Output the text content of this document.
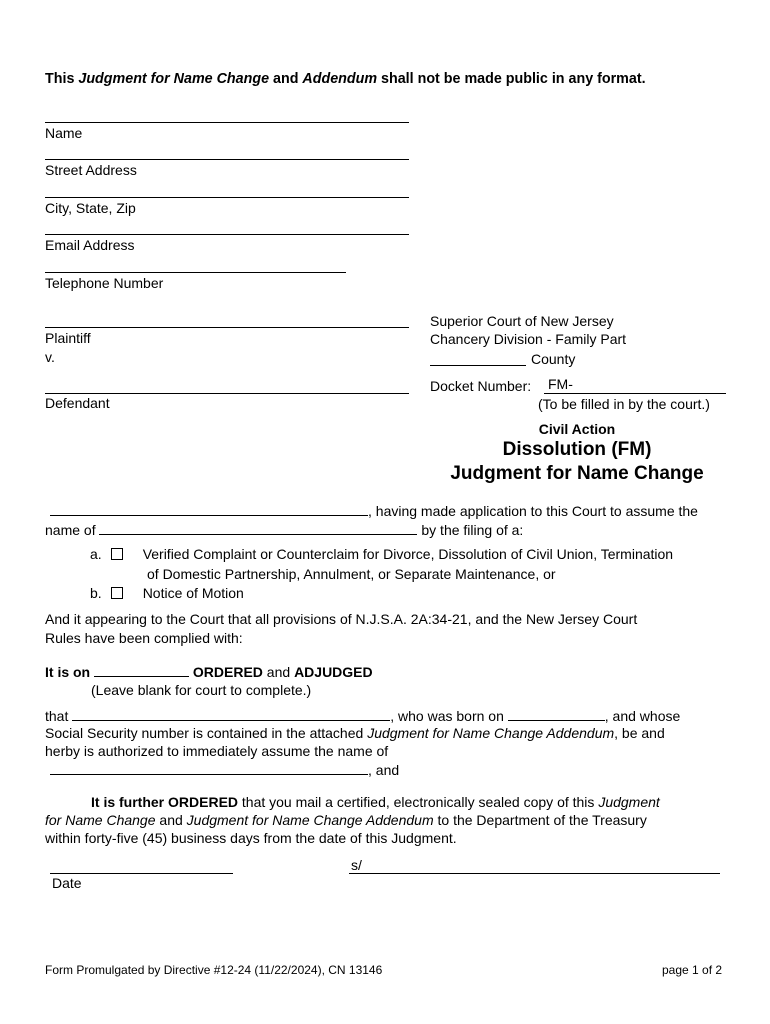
This Judgment for Name Change and Addendum shall not be made public in any format.
Name
Street Address
City, State, Zip
Email Address
Telephone Number
Plaintiff
v.
Defendant
Superior Court of New Jersey
Chancery Division - Family Part
County
Docket Number: FM-
(To be filled in by the court.)
Civil Action
Dissolution (FM)
Judgment for Name Change
, having made application to this Court to assume the
name of	by the filing of a:
a.	Verified Complaint or Counterclaim for Divorce, Dissolution of Civil Union, Termination
of Domestic Partnership, Annulment, or Separate Maintenance, or
b.	Notice of Motion
And it appearing to the Court that all provisions of N.J.S.A. 2A:34-21, and the New Jersey Court
Rules have been complied with:
It is on	ORDERED and ADJUDGED
(Leave blank for court to complete.)
that	, who was born on	, and whose
Social Security number is contained in the attached Judgment for Name Change Addendum, be and
herby is authorized to immediately assume the name of
, and
It is further ORDERED that you mail a certified, electronically sealed copy of this Judgment
for Name Change and Judgment for Name Change Addendum to the Department of the Treasury
within forty-five (45) business days from the date of this Judgment.
Date
s/
Form Promulgated by Directive #12-24 (11/22/2024), CN 13146	page 1 of 2
